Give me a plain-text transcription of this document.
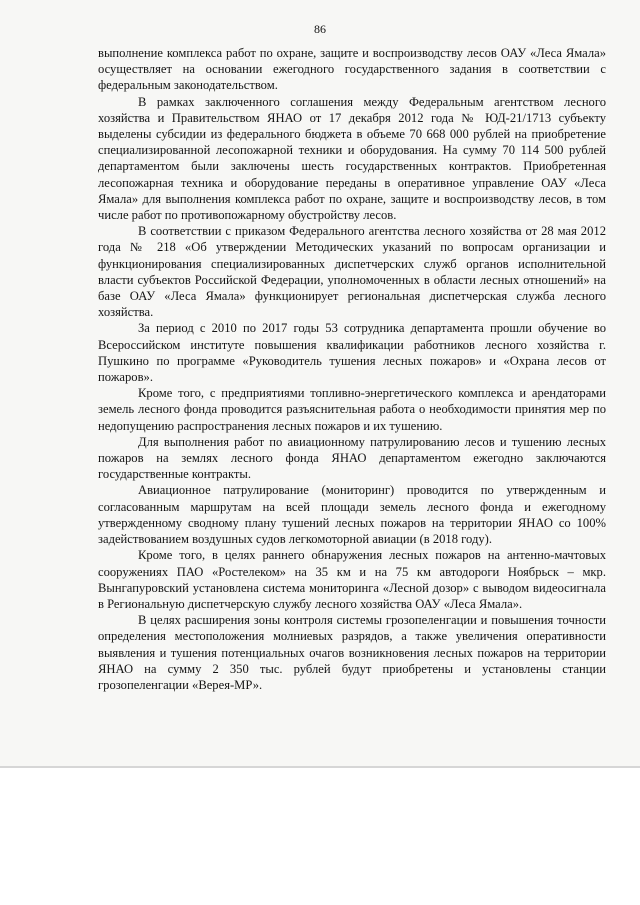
86

выполнение комплекса работ по охране, защите и воспроизводству лесов ОАУ «Леса Ямала» осуществляет на основании ежегодного государственного задания в соответствии с федеральным законодательством.

В рамках заключенного соглашения между Федеральным агентством лесного хозяйства и Правительством ЯНАО от 17 декабря 2012 года № ЮД-21/1713 субъекту выделены субсидии из федерального бюджета в объеме 70 668 000 рублей на приобретение специализированной лесопожарной техники и оборудования. На сумму 70 114 500 рублей департаментом были заключены шесть государственных контрактов. Приобретенная лесопожарная техника и оборудование переданы в оперативное управление ОАУ «Леса Ямала» для выполнения комплекса работ по охране, защите и воспроизводству лесов, в том числе работ по противопожарному обустройству лесов.

В соответствии с приказом Федерального агентства лесного хозяйства от 28 мая 2012 года № 218 «Об утверждении Методических указаний по вопросам организации и функционирования специализированных диспетчерских служб органов исполнительной власти субъектов Российской Федерации, уполномоченных в области лесных отношений» на базе ОАУ «Леса Ямала» функционирует региональная диспетчерская служба лесного хозяйства.

За период с 2010 по 2017 годы 53 сотрудника департамента прошли обучение во Всероссийском институте повышения квалификации работников лесного хозяйства г. Пушкино по программе «Руководитель тушения лесных пожаров» и «Охрана лесов от пожаров».

Кроме того, с предприятиями топливно-энергетического комплекса и арендаторами земель лесного фонда проводится разъяснительная работа о необходимости принятия мер по недопущению распространения лесных пожаров и их тушению.

Для выполнения работ по авиационному патрулированию лесов и тушению лесных пожаров на землях лесного фонда ЯНАО департаментом ежегодно заключаются государственные контракты.

Авиационное патрулирование (мониторинг) проводится по утвержденным и согласованным маршрутам на всей площади земель лесного фонда и ежегодному утвержденному сводному плану тушений лесных пожаров на территории ЯНАО со 100% задействованием воздушных судов легкомоторной авиации (в 2018 году).

Кроме того, в целях раннего обнаружения лесных пожаров на антенно-мачтовых сооружениях ПАО «Ростелеком» на 35 км и на 75 км автодороги Ноябрьск – мкр. Вынгапуровский установлена система мониторинга «Лесной дозор» с выводом видеосигнала в Региональную диспетчерскую службу лесного хозяйства ОАУ «Леса Ямала».

В целях расширения зоны контроля системы грозопеленгации и повышения точности определения местоположения молниевых разрядов, а также увеличения оперативности выявления и тушения потенциальных очагов возникновения лесных пожаров на территории ЯНАО на сумму 2 350 тыс. рублей будут приобретены и установлены станции грозопеленгации «Верея-МР».
